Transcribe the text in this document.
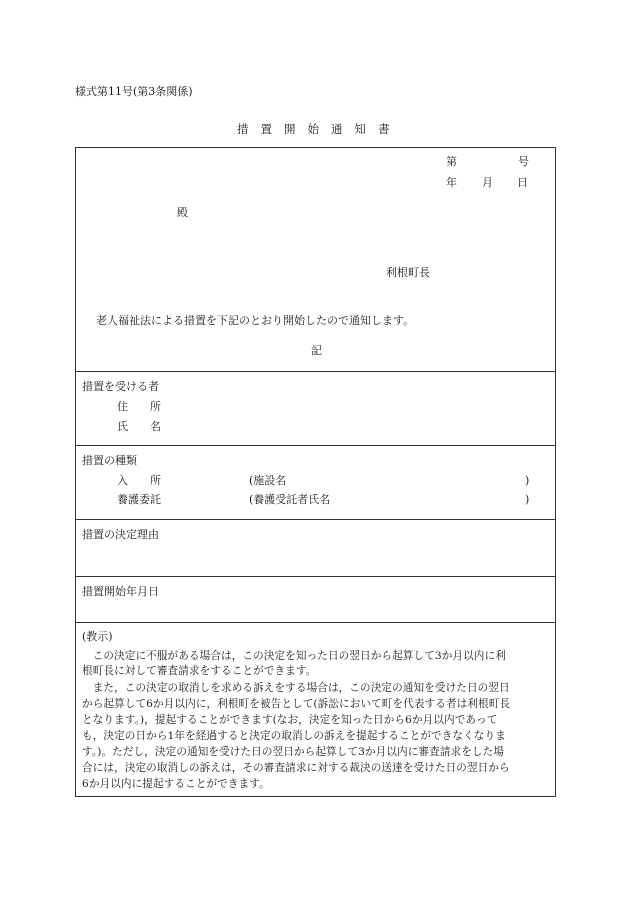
様式第11号(第3条関係)
措置開始通知書
第	号
年 月 日
殿
利根町長
老人福祉法による措置を下記のとおり開始したので通知します。
記
措置を受ける者
住　　所
氏　　名
措置の種類
入　　所	(施設名	)
養護委託	(養護受託者氏名	)
措置の決定理由
措置開始年月日
(教示)
　この決定に不服がある場合は，この決定を知った日の翌日から起算して3か月以内に利
根町長に対して審査請求をすることができます。
　また，この決定の取消しを求める訴えをする場合は，この決定の通知を受けた日の翌日
から起算して6か月以内に，利根町を被告として(訴訟において町を代表する者は利根町長
となります。)，提起することができます(なお，決定を知った日から6か月以内であって
も，決定の日から1年を経過すると決定の取消しの訴えを提起することができなくなりま
す。)。ただし，決定の通知を受けた日の翌日から起算して3か月以内に審査請求をした場
合には，決定の取消しの訴えは，その審査請求に対する裁決の送達を受けた日の翌日から
6か月以内に提起することができます。
